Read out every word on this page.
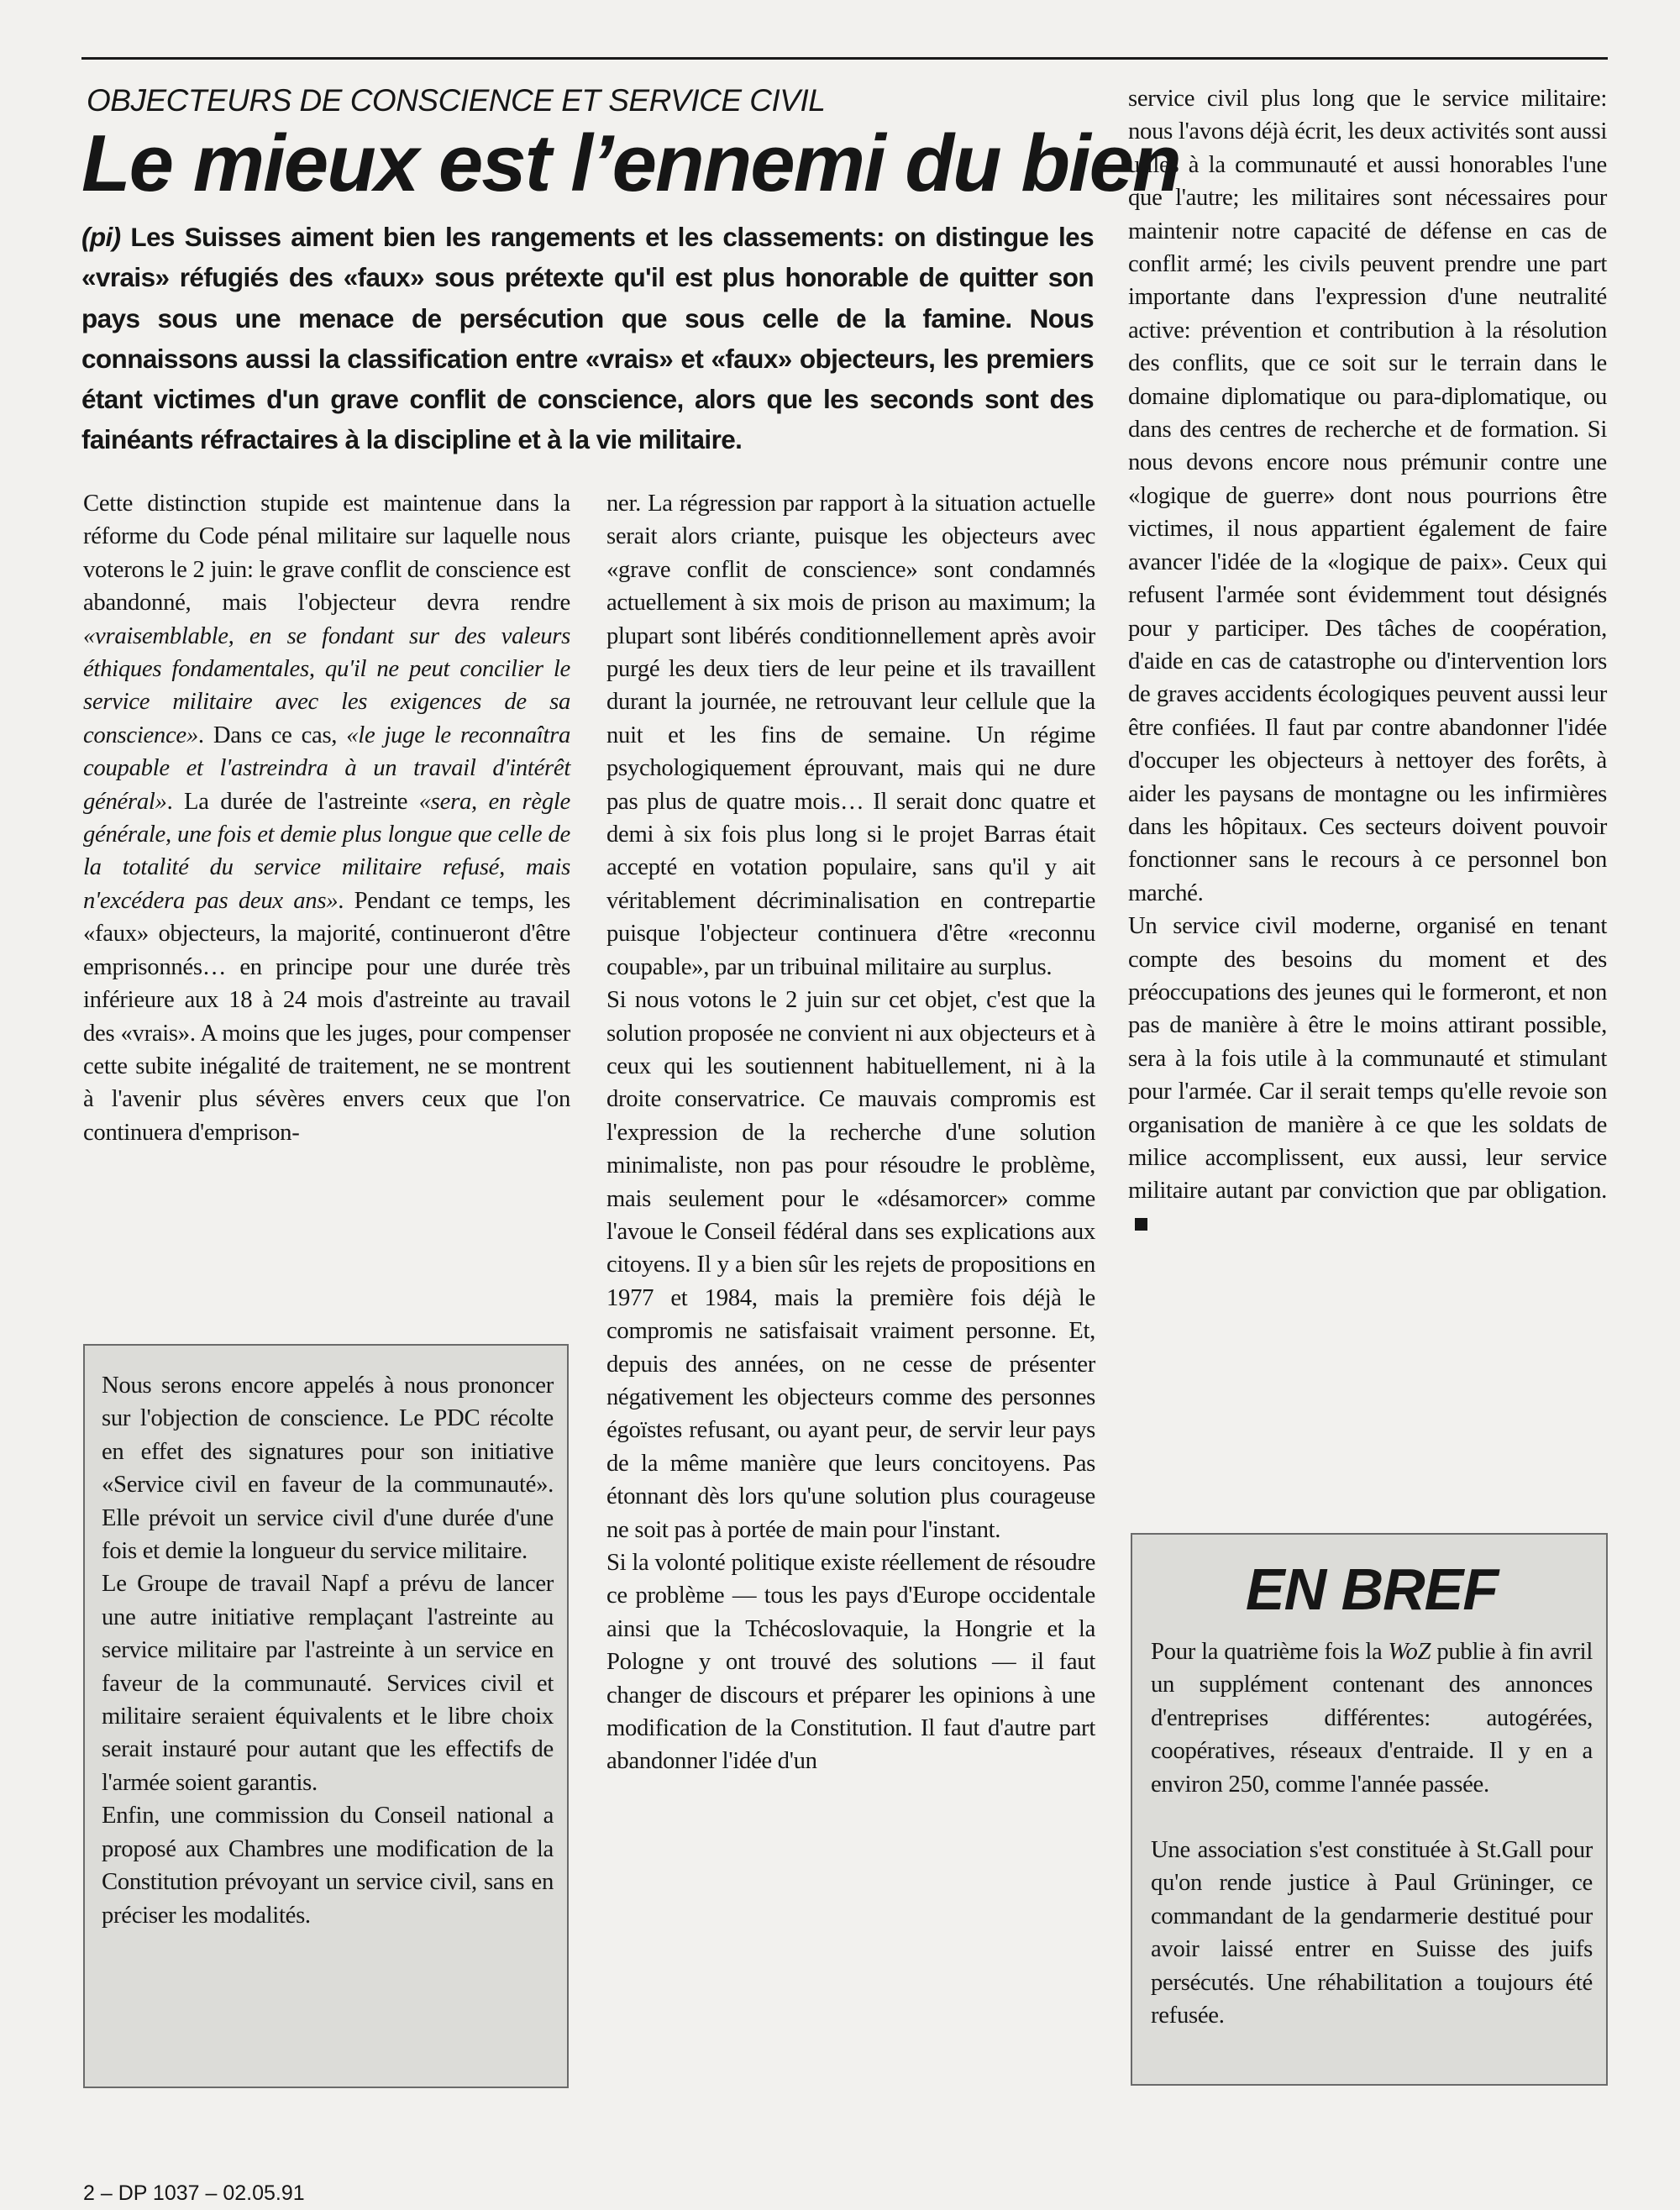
OBJECTEURS DE CONSCIENCE ET SERVICE CIVIL
Le mieux est l’ennemi du bien
(pi) Les Suisses aiment bien les rangements et les classements: on distingue les «vrais» réfugiés des «faux» sous prétexte qu'il est plus honorable de quitter son pays sous une menace de persécution que sous celle de la famine. Nous connaissons aussi la classification entre «vrais» et «faux» objecteurs, les premiers étant victimes d'un grave conflit de conscience, alors que les seconds sont des fainéants réfractaires à la discipline et à la vie militaire.

Cette distinction stupide est maintenue dans la réforme du Code pénal militaire sur laquelle nous voterons le 2 juin: le grave conflit de conscience est abandonné, mais l'objecteur devra rendre «vraisemblable, en se fondant sur des valeurs éthiques fondamentales, qu'il ne peut concilier le service militaire avec les exigences de sa conscience». Dans ce cas, «le juge le reconnaîtra coupable et l'astreindra à un travail d'intérêt général». La durée de l'astreinte «sera, en règle générale, une fois et demie plus longue que celle de la totalité du service militaire refusé, mais n'excédera pas deux ans». Pendant ce temps, les «faux» objecteurs, la majorité, continueront d'être emprisonnés… en principe pour une durée très inférieure aux 18 à 24 mois d'astreinte au travail des «vrais». A moins que les juges, pour compenser cette subite inégalité de traitement, ne se montrent à l'avenir plus sévères envers ceux que l'on continuera d'emprison-

Nous serons encore appelés à nous prononcer sur l'objection de conscience. Le PDC récolte en effet des signatures pour son initiative «Service civil en faveur de la communauté». Elle prévoit un service civil d'une durée d'une fois et demie la longueur du service militaire.

Le Groupe de travail Napf a prévu de lancer une autre initiative remplaçant l'astreinte au service militaire par l'astreinte à un service en faveur de la communauté. Services civil et militaire seraient équivalents et le libre choix serait instauré pour autant que les effectifs de l'armée soient garantis.

Enfin, une commission du Conseil national a proposé aux Chambres une modification de la Constitution prévoyant un service civil, sans en préciser les modalités.

ner. La régression par rapport à la situation actuelle serait alors criante, puisque les objecteurs avec «grave conflit de conscience» sont condamnés actuellement à six mois de prison au maximum; la plupart sont libérés conditionnellement après avoir purgé les deux tiers de leur peine et ils travaillent durant la journée, ne retrouvant leur cellule que la nuit et les fins de semaine. Un régime psychologiquement éprouvant, mais qui ne dure pas plus de quatre mois… Il serait donc quatre et demi à six fois plus long si le projet Barras était accepté en votation populaire, sans qu'il y ait véritablement décriminalisation en contrepartie puisque l'objecteur continuera d'être «reconnu coupable», par un tribuinal militaire au surplus.

Si nous votons le 2 juin sur cet objet, c'est que la solution proposée ne convient ni aux objecteurs et à ceux qui les soutiennent habituellement, ni à la droite conservatrice. Ce mauvais compromis est l'expression de la recherche d'une solution minimaliste, non pas pour résoudre le problème, mais seulement pour le «désamorcer» comme l'avoue le Conseil fédéral dans ses explications aux citoyens. Il y a bien sûr les rejets de propositions en 1977 et 1984, mais la première fois déjà le compromis ne satisfaisait vraiment personne. Et, depuis des années, on ne cesse de présenter négativement les objecteurs comme des personnes égoïstes refusant, ou ayant peur, de servir leur pays de la même manière que leurs concitoyens. Pas étonnant dès lors qu'une solution plus courageuse ne soit pas à portée de main pour l'instant.

Si la volonté politique existe réellement de résoudre ce problème — tous les pays d'Europe occidentale ainsi que la Tchécoslovaquie, la Hongrie et la Pologne y ont trouvé des solutions — il faut changer de discours et préparer les opinions à une modification de la Constitution. Il faut d'autre part abandonner l'idée d'un

service civil plus long que le service militaire: nous l'avons déjà écrit, les deux activités sont aussi utiles à la communauté et aussi honorables l'une que l'autre; les militaires sont nécessaires pour maintenir notre capacité de défense en cas de conflit armé; les civils peuvent prendre une part importante dans l'expression d'une neutralité active: prévention et contribution à la résolution des conflits, que ce soit sur le terrain dans le domaine diplomatique ou para-diplomatique, ou dans des centres de recherche et de formation. Si nous devons encore nous prémunir contre une «logique de guerre» dont nous pourrions être victimes, il nous appartient également de faire avancer l'idée de la «logique de paix». Ceux qui refusent l'armée sont évidemment tout désignés pour y participer. Des tâches de coopération, d'aide en cas de catastrophe ou d'intervention lors de graves accidents écologiques peuvent aussi leur être confiées. Il faut par contre abandonner l'idée d'occuper les objecteurs à nettoyer des forêts, à aider les paysans de montagne ou les infirmières dans les hôpitaux. Ces secteurs doivent pouvoir fonctionner sans le recours à ce personnel bon marché.

Un service civil moderne, organisé en tenant compte des besoins du moment et des préoccupations des jeunes qui le formeront, et non pas de manière à être le moins attirant possible, sera à la fois utile à la communauté et stimulant pour l'armée. Car il serait temps qu'elle revoie son organisation de manière à ce que les soldats de milice accomplissent, eux aussi, leur service militaire autant par conviction que par obligation.

EN BREF

Pour la quatrième fois la WoZ publie à fin avril un supplément contenant des annonces d'entreprises différentes: autogérées, coopératives, réseaux d'entraide. Il y en a environ 250, comme l'année passée.

Une association s'est constituée à St.Gall pour qu'on rende justice à Paul Grüninger, ce commandant de la gendarmerie destitué pour avoir laissé entrer en Suisse des juifs persécutés. Une réhabilitation a toujours été refusée.

2 – DP 1037 – 02.05.91
